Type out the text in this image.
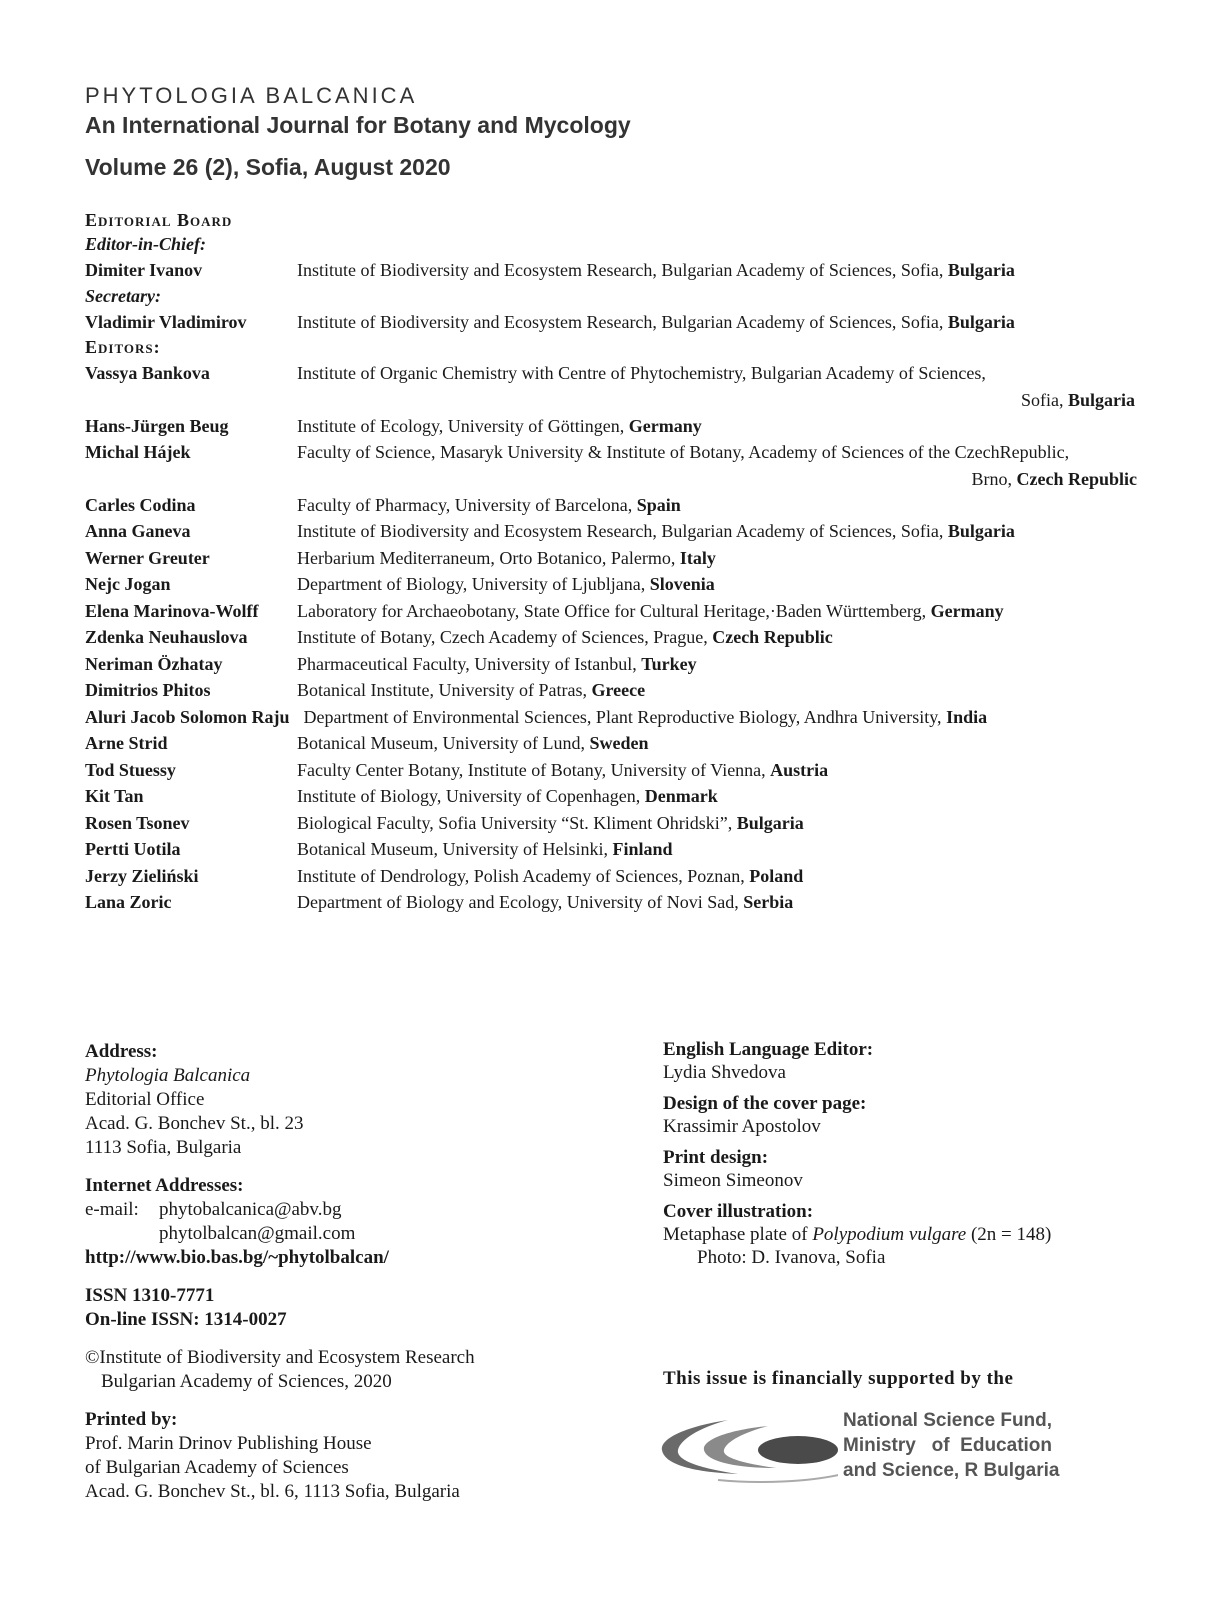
PHYTOLOGIA BALCANICA
An International Journal for Botany and Mycology
Volume 26 (2), Sofia, August 2020
Editorial Board
Editor-in-Chief:
Dimiter Ivanov	Institute of Biodiversity and Ecosystem Research, Bulgarian Academy of Sciences, Sofia, Bulgaria
Secretary:
Vladimir Vladimirov	Institute of Biodiversity and Ecosystem Research, Bulgarian Academy of Sciences, Sofia, Bulgaria
Editors:
Vassya Bankova	Institute of Organic Chemistry with Centre of Phytochemistry, Bulgarian Academy of Sciences,
Sofia, Bulgaria
Hans-Jürgen Beug	Institute of Ecology, University of Göttingen, Germany
Michal Hájek	Faculty of Science, Masaryk University & Institute of Botany, Academy of Sciences of the CzechRepublic,
Brno, Czech Republic
Carles Codina	Faculty of Pharmacy, University of Barcelona, Spain
Anna Ganeva	Institute of Biodiversity and Ecosystem Research, Bulgarian Academy of Sciences, Sofia, Bulgaria
Werner Greuter	Herbarium Mediterraneum, Orto Botanico, Palermo, Italy
Nejc Jogan	Department of Biology, University of Ljubljana, Slovenia
Elena Marinova-Wolff	Laboratory for Archaeobotany, State Office for Cultural Heritage,·Baden Württemberg, Germany
Zdenka Neuhauslova	Institute of Botany, Czech Academy of Sciences, Prague, Czech Republic
Neriman Özhatay	Pharmaceutical Faculty, University of Istanbul, Turkey
Dimitrios Phitos	Botanical Institute, University of Patras, Greece
Aluri Jacob Solomon Raju Department of Environmental Sciences, Plant Reproductive Biology, Andhra University, India
Arne Strid	Botanical Museum, University of Lund, Sweden
Tod Stuessy	Faculty Center Botany, Institute of Botany, University of Vienna, Austria
Kit Tan	Institute of Biology, University of Copenhagen, Denmark
Rosen Tsonev	Biological Faculty, Sofia University “St. Kliment Ohridski”, Bulgaria
Pertti Uotila	Botanical Museum, University of Helsinki, Finland
Jerzy Zieliński	Institute of Dendrology, Polish Academy of Sciences, Poznan, Poland
Lana Zoric	Department of Biology and Ecology, University of Novi Sad, Serbia
Address:
Phytologia Balcanica
Editorial Office
Acad. G. Bonchev St., bl. 23
1113 Sofia, Bulgaria
Internet Addresses:
e-mail:	phytobalcanica@abv.bg
phytolbalcan@gmail.com
http://www.bio.bas.bg/~phytolbalcan/
ISSN 1310-7771
On-line ISSN: 1314-0027
©Institute of Biodiversity and Ecosystem Research
Bulgarian Academy of Sciences, 2020
Printed by:
Prof. Marin Drinov Publishing House
of Bulgarian Academy of Sciences
Acad. G. Bonchev St., bl. 6, 1113 Sofia, Bulgaria
English Language Editor:
Lydia Shvedova
Design of the cover page:
Krassimir Apostolov
Print design:
Simeon Simeonov
Cover illustration:
Metaphase plate of Polypodium vulgare (2n = 148)
Photo: D. Ivanova, Sofia
This issue is financially supported by the
National Science Fund,
Ministry   of  Education
and Science, R Bulgaria
